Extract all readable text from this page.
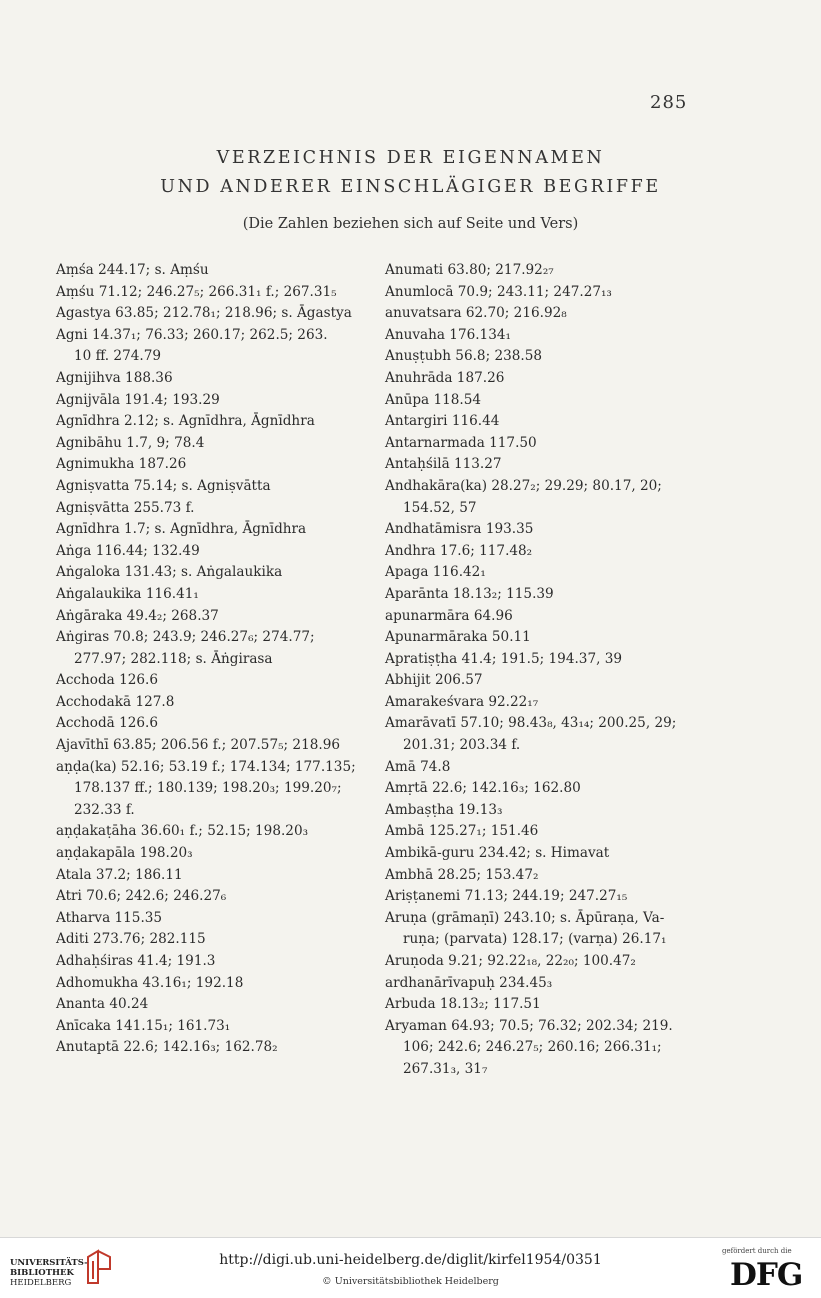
285
VERZEICHNIS DER EIGENNAMEN
UND ANDERER EINSCHLÄGIGER BEGRIFFE
(Die Zahlen beziehen sich auf Seite und Vers)
Aṃśa 244.17; s. Aṃśu
Aṃśu 71.12; 246.27₅; 266.31₁ f.; 267.31₅
Agastya 63.85; 212.78₁; 218.96; s. Āgastya
Agni 14.37₁; 76.33; 260.17; 262.5; 263.
10 ff. 274.79
Agnijihva 188.36
Agnijvāla 191.4; 193.29
Agnīdhra 2.12; s. Agnīdhra, Āgnīdhra
Agnibāhu 1.7, 9; 78.4
Agnimukha 187.26
Agniṣvatta 75.14; s. Agniṣvātta
Agniṣvātta 255.73 f.
Agnīdhra 1.7; s. Agnīdhra, Āgnīdhra
Aṅga 116.44; 132.49
Aṅgaloka 131.43; s. Aṅgalaukika
Aṅgalaukika 116.41₁
Aṅgāraka 49.4₂; 268.37
Aṅgiras 70.8; 243.9; 246.27₆; 274.77;
277.97; 282.118; s. Āṅgirasa
Acchoda 126.6
Acchodakā 127.8
Acchodā 126.6
Ajavīthī 63.85; 206.56 f.; 207.57₅; 218.96
aṇḍa(ka) 52.16; 53.19 f.; 174.134; 177.135;
178.137 ff.; 180.139; 198.20₃; 199.20₇;
232.33 f.
aṇḍakaṭāha 36.60₁ f.; 52.15; 198.20₃
aṇḍakapāla 198.20₃
Atala 37.2; 186.11
Atri 70.6; 242.6; 246.27₆
Atharva 115.35
Aditi 273.76; 282.115
Adhaḥśiras 41.4; 191.3
Adhomukha 43.16₁; 192.18
Ananta 40.24
Anīcaka 141.15₁; 161.73₁
Anutaptā 22.6; 142.16₃; 162.78₂
Anumati 63.80; 217.92₂₇
Anumlocā 70.9; 243.11; 247.27₁₃
anuvatsara 62.70; 216.92₈
Anuvaha 176.134₁
Anuṣṭubh 56.8; 238.58
Anuhrāda 187.26
Anūpa 118.54
Antargiri 116.44
Antarnarmada 117.50
Antaḥśilā 113.27
Andhakāra(ka) 28.27₂; 29.29; 80.17, 20;
154.52, 57
Andhatāmisra 193.35
Andhra 17.6; 117.48₂
Apaga 116.42₁
Aparānta 18.13₂; 115.39
apunarmāra 64.96
Apunarmāraka 50.11
Apratiṣṭha 41.4; 191.5; 194.37, 39
Abhijit 206.57
Amarakeśvara 92.22₁₇
Amarāvatī 57.10; 98.43₈, 43₁₄; 200.25, 29;
201.31; 203.34 f.
Amā 74.8
Amṛtā 22.6; 142.16₃; 162.80
Ambaṣṭha 19.13₃
Ambā 125.27₁; 151.46
Ambikā-guru 234.42; s. Himavat
Ambhā 28.25; 153.47₂
Ariṣṭanemi 71.13; 244.19; 247.27₁₅
Aruṇa (grāmaṇī) 243.10; s. Āpūraṇa, Va-
ruṇa; (parvata) 128.17; (varṇa) 26.17₁
Aruṇoda 9.21; 92.22₁₈, 22₂₀; 100.47₂
ardhanārīvapuḥ 234.45₃
Arbuda 18.13₂; 117.51
Aryaman 64.93; 70.5; 76.32; 202.34; 219.
106; 242.6; 246.27₅; 260.16; 266.31₁;
267.31₃, 31₇
UNIVERSITÄTS-
BIBLIOTHEK
HEIDELBERG
http://digi.ub.uni-heidelberg.de/diglit/kirfel1954/0351
© Universitätsbibliothek Heidelberg
gefördert durch die
DFG
